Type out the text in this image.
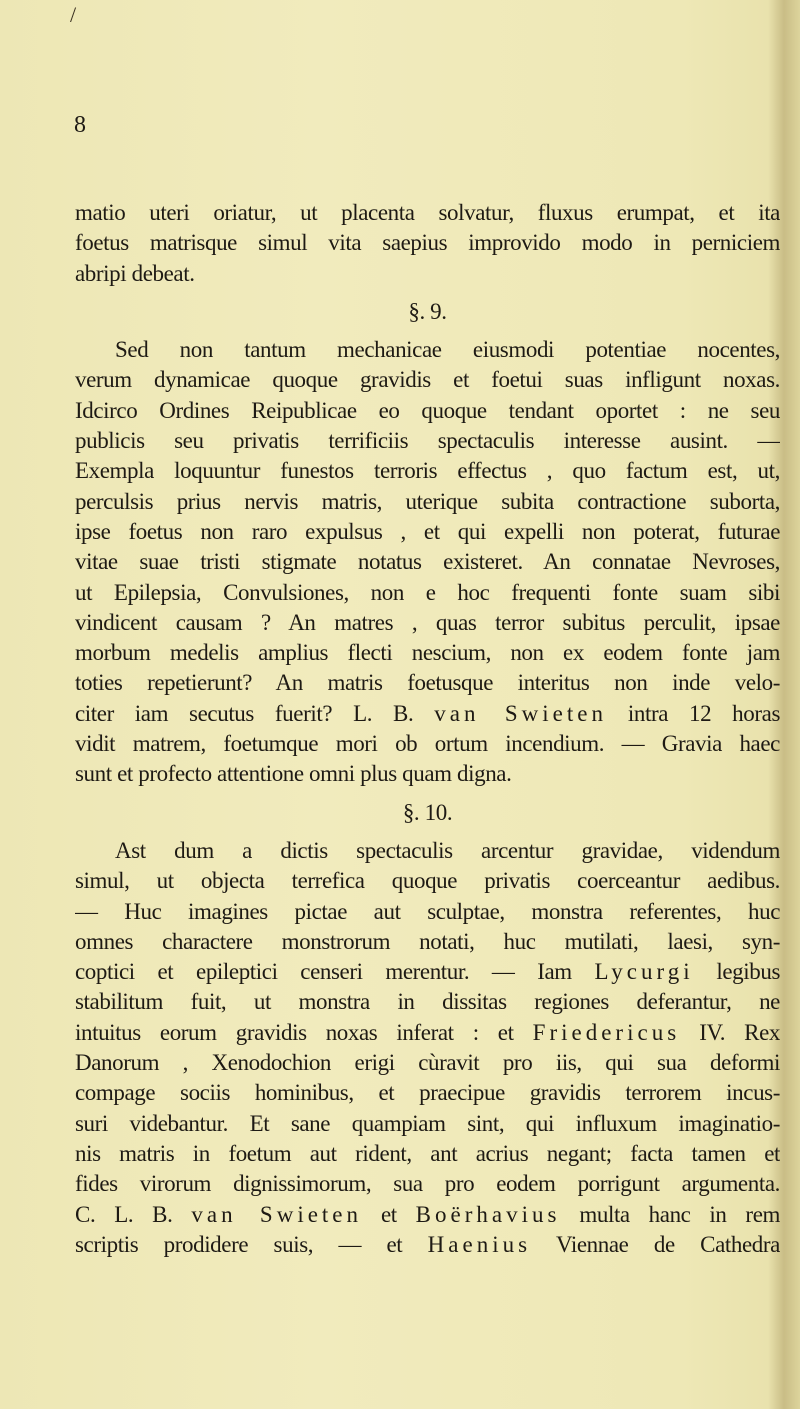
/
8
matio uteri oriatur, ut placenta solvatur, fluxus erumpat, et ita
foetus matrisque simul vita saepius improvido modo in perniciem
abripi debeat.
§. 9.
Sed non tantum mechanicae eiusmodi potentiae nocentes,
verum dynamicae quoque gravidis et foetui suas infligunt noxas.
Idcirco Ordines Reipublicae eo quoque tendant oportet : ne seu
publicis seu privatis terrificiis spectaculis interesse ausint. —
Exempla loquuntur funestos terroris effectus , quo factum est, ut,
perculsis prius nervis matris, uterique subita contractione suborta,
ipse foetus non raro expulsus , et qui expelli non poterat, futurae
vitae suae tristi stigmate notatus existeret. An connatae Nevroses,
ut Epilepsia, Convulsiones, non e hoc frequenti fonte suam sibi
vindicent causam ? An matres , quas terror subitus perculit, ipsae
morbum medelis amplius flecti nescium, non ex eodem fonte jam
toties repetierunt? An matris foetusque interitus non inde velo-
citer iam secutus fuerit? L. B. van Swieten intra 12 horas
vidit matrem, foetumque mori ob ortum incendium. — Gravia haec
sunt et profecto attentione omni plus quam digna.
§. 10.
Ast dum a dictis spectaculis arcentur gravidae, videndum
simul, ut objecta terrefica quoque privatis coerceantur aedibus.
— Huc imagines pictae aut sculptae, monstra referentes, huc
omnes charactere monstrorum notati, huc mutilati, laesi, syn-
coptici et epileptici censeri merentur. — Iam Lycurgi legibus
stabilitum fuit, ut monstra in dissitas regiones deferantur, ne
intuitus eorum gravidis noxas inferat : et Friedericus IV. Rex
Danorum , Xenodochion erigi cùravit pro iis, qui sua deformi
compage sociis hominibus, et praecipue gravidis terrorem incus-
suri videbantur. Et sane quampiam sint, qui influxum imaginatio-
nis matris in foetum aut rident, ant acrius negant; facta tamen et
fides virorum dignissimorum, sua pro eodem porrigunt argumenta.
C. L. B. van Swieten et Boërhavius multa hanc in rem
scriptis prodidere suis, — et Haenius Viennae de Cathedra
